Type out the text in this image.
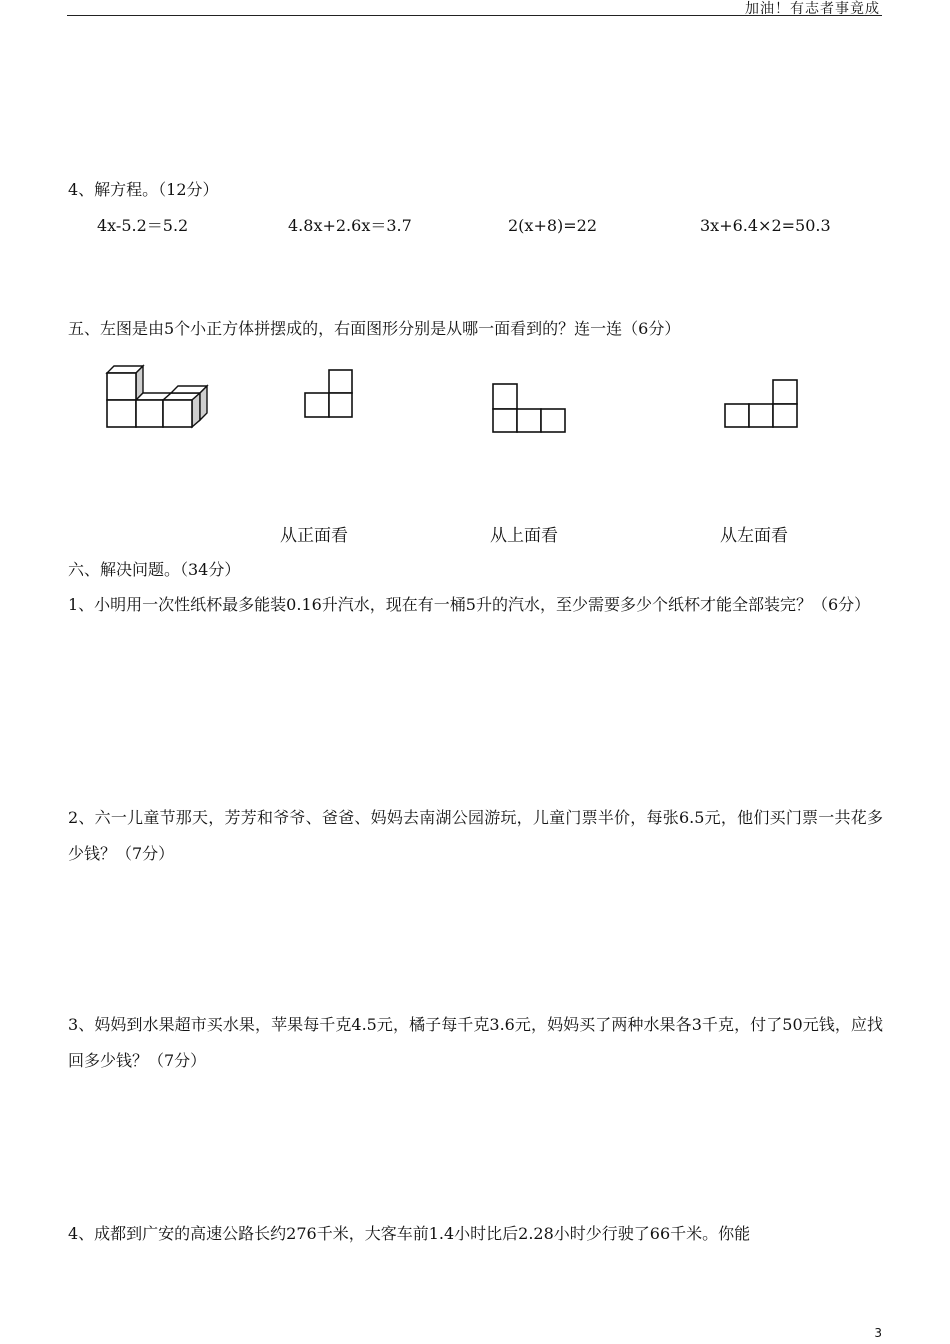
加油！有志者事竟成
4、解方程。（12分）
4x-5.2＝5.2	4.8x+2.6x＝3.7	2(x+8)=22	3x+6.4×2=50.3
五、左图是由5个小正方体拼摆成的，右面图形分别是从哪一面看到的？连一连（6分）
从正面看	从上面看	从左面看
六、解决问题。（34分）
1、小明用一次性纸杯最多能装0.16升汽水，现在有一桶5升的汽水，至少需要多少个纸杯才能全部装完？（6分）
2、六一儿童节那天，芳芳和爷爷、爸爸、妈妈去南湖公园游玩，儿童门票半价，每张6.5元，他们买门票一共花多少钱？（7分）
3、妈妈到水果超市买水果，苹果每千克4.5元，橘子每千克3.6元，妈妈买了两种水果各3千克，付了50元钱，应找回多少钱？（7分）
4、成都到广安的高速公路长约276千米，大客车前1.4小时比后2.28小时少行驶了66千米。你能
3
